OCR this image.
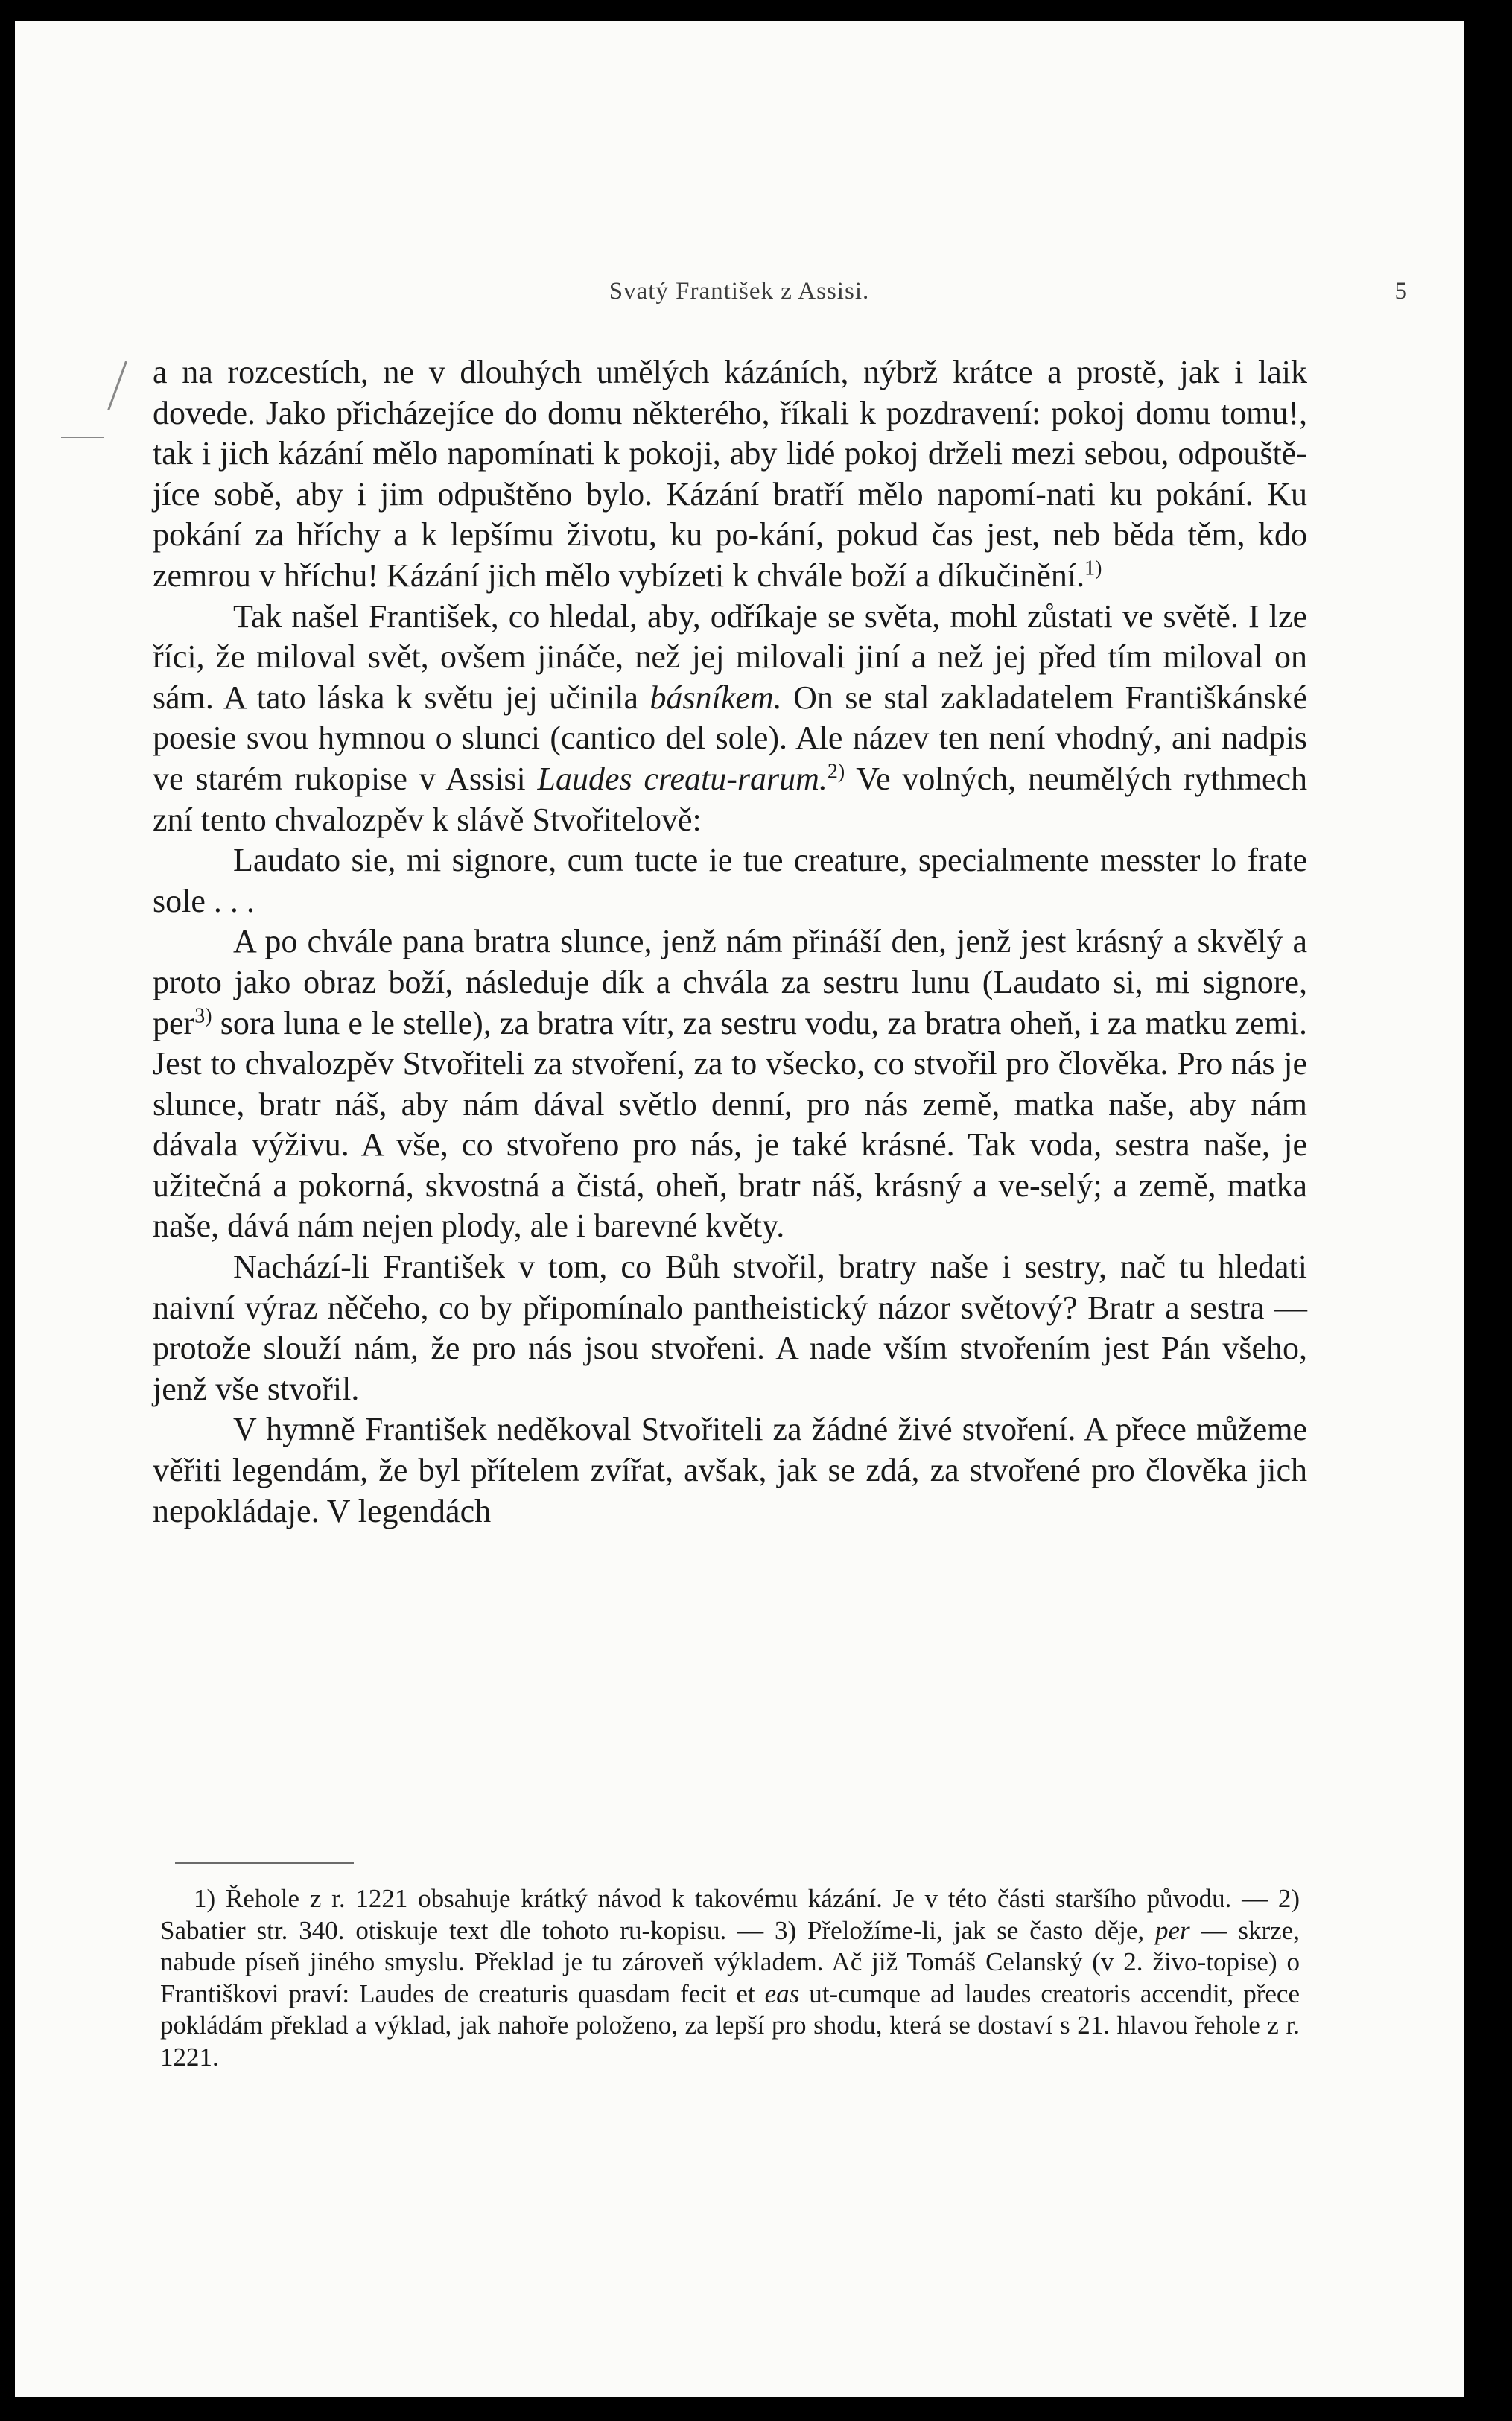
Svatý František z Assisi.	5

a na rozcestích, ne v dlouhých umělých kázáních, nýbrž krátce a prostě, jak i laik dovede. Jako přicházejíce do domu některého, říkali k pozdravení: pokoj domu tomu!, tak i jich kázání mělo napomínati k pokoji, aby lidé pokoj drželi mezi sebou, odpouště-jíce sobě, aby i jim odpuštěno bylo. Kázání bratří mělo napomí-nati ku pokání. Ku pokání za hříchy a k lepšímu životu, ku po-kání, pokud čas jest, neb běda těm, kdo zemrou v hříchu! Kázání jich mělo vybízeti k chvále boží a díkučinění.$^{1)}$

Tak našel František, co hledal, aby, odříkaje se světa, mohl zůstati ve světě. I lze říci, že miloval svět, ovšem jináče, než jej milovali jiní a než jej před tím miloval on sám. A tato láska k světu jej učinila básníkem. On se stal zakladatelem Františkánské poesie svou hymnou o slunci (cantico del sole). Ale název ten není vhodný, ani nadpis ve starém rukopise v Assisi Laudes creatu-rarum.$^{2)}$ Ve volných, neumělých rythmech zní tento chvalozpěv k slávě Stvořitelově:

Laudato sie, mi signore, cum tucte ie tue creature, specialmente messter lo frate sole . . .

A po chvále pana bratra slunce, jenž nám přináší den, jenž jest krásný a skvělý a proto jako obraz boží, následuje dík a chvála za sestru lunu (Laudato si, mi signore, per$^{3)}$ sora luna e le stelle), za bratra vítr, za sestru vodu, za bratra oheň, i za matku zemi. Jest to chvalozpěv Stvořiteli za stvoření, za to všecko, co stvořil pro člověka. Pro nás je slunce, bratr náš, aby nám dával světlo denní, pro nás země, matka naše, aby nám dávala výživu. A vše, co stvořeno pro nás, je také krásné. Tak voda, sestra naše, je užitečná a pokorná, skvostná a čistá, oheň, bratr náš, krásný a ve-selý; a země, matka naše, dává nám nejen plody, ale i barevné květy.

Nachází-li František v tom, co Bůh stvořil, bratry naše i sestry, nač tu hledati naivní výraz něčeho, co by připomínalo pantheistický názor světový? Bratr a sestra — protože slouží nám, že pro nás jsou stvořeni. A nade vším stvořením jest Pán všeho, jenž vše stvořil.

V hymně František neděkoval Stvořiteli za žádné živé stvoření. A přece můžeme věřiti legendám, že byl přítelem zvířat, avšak, jak se zdá, za stvořené pro člověka jich nepokládaje. V legendách

1) Řehole z r. 1221 obsahuje krátký návod k takovému kázání. Je v této části staršího původu. — 2) Sabatier str. 340. otiskuje text dle tohoto ru-kopisu. — 3) Přeložíme-li, jak se často děje, per — skrze, nabude píseň jiného smyslu. Překlad je tu zároveň výkladem. Ač již Tomáš Celanský (v 2. živo-topise) o Františkovi praví: Laudes de creaturis quasdam fecit et eas ut-cumque ad laudes creatoris accendit, přece pokládám překlad a výklad, jak nahoře položeno, za lepší pro shodu, která se dostaví s 21. hlavou řehole z r. 1221.
